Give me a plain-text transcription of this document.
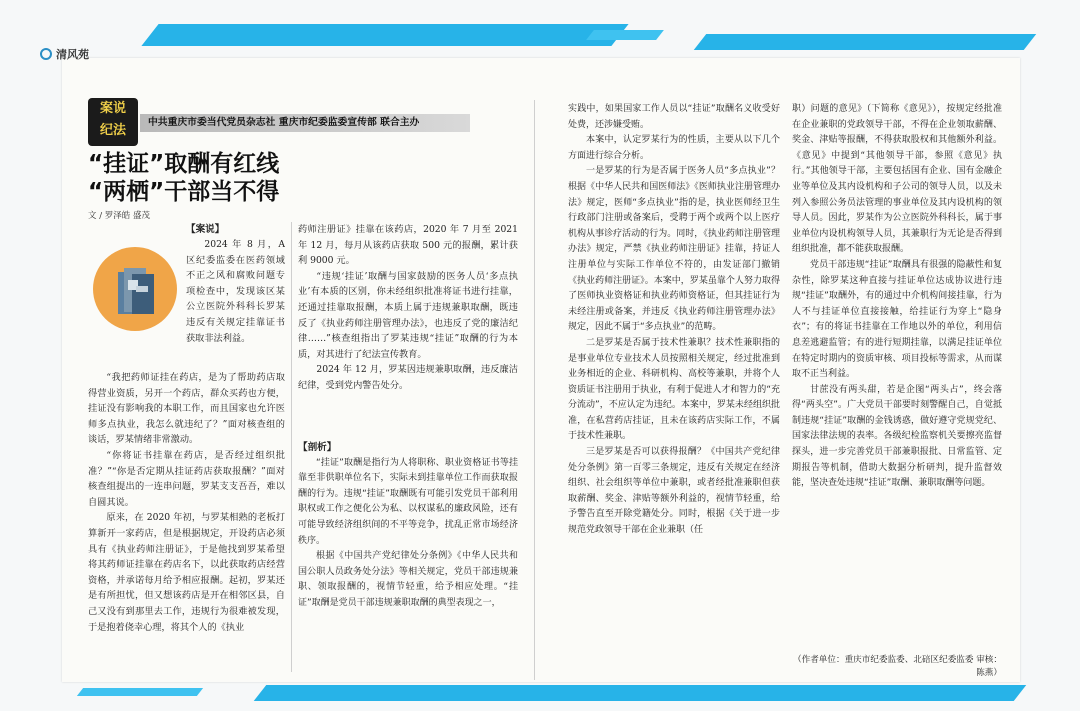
清风苑
案说
纪法
中共重庆市委当代党员杂志社 重庆市纪委监委宣传部 联合主办
“挂证”取酬有红线
“两栖”干部当不得
文 / 罗泽皓 盛茂
【案说】

2024 年 8 月，A 区纪委监委在医药领域不正之风和腐败问题专项检查中，发现该区某公立医院外科科长罗某违反有关规定挂靠证书获取非法利益。

“我把药师证挂在药店，是为了帮助药店取得营业资质，另开一个药店，群众买药也方便，挂证没有影响我的本职工作，而且国家也允许医师多点执业，我怎么就违纪了？”面对核查组的谈话，罗某情绪非常激动。

“你将证书挂靠在药店，是否经过组织批准？”“你是否定期从挂证药店获取报酬？”面对核查组提出的一连串问题，罗某支支吾吾，难以自圆其说。

原来，在 2020 年初，与罗某相熟的老板打算新开一家药店，但是根据规定，开设药店必须具有《执业药师注册证》，于是他找到罗某希望将其药师证挂靠在药店名下，以此获取药店经营资格，并承诺每月给予相应报酬。起初，罗某还是有所担忧，但又想该药店是开在相邻区县，自己又没有到那里去工作，违规行为很难被发现，于是抱着侥幸心理，将其个人的《执业

药师注册证》挂靠在该药店，2020 年 7 月至 2021 年 12 月，每月从该药店获取 500 元的报酬，累计获利 9000 元。

“违规‘挂证’取酬与国家鼓励的医务人员‘多点执业’有本质的区别，你未经组织批准将证书进行挂靠，还通过挂靠取报酬，本质上属于违规兼职取酬，既违反了《执业药师注册管理办法》，也违反了党的廉洁纪律……”核查组指出了罗某违规“挂证”取酬的行为本质，对其进行了纪法宣传教育。

2024 年 12 月，罗某因违规兼职取酬，违反廉洁纪律，受到党内警告处分。

【剖析】

“挂证”取酬是指行为人将职称、职业资格证书等挂靠至非供职单位名下，实际未到挂靠单位工作而获取报酬的行为。违规“挂证”取酬既有可能引发党员干部利用职权或工作之便化公为私、以权谋私的廉政风险，还有可能导致经济组织间的不平等竞争，扰乱正常市场经济秩序。

根据《中国共产党纪律处分条例》《中华人民共和国公职人员政务处分法》等相关规定，党员干部违规兼职、领取报酬的，视情节轻重，给予相应处理。“挂证”取酬是党员干部违规兼职取酬的典型表现之一，

实践中，如果国家工作人员以“挂证”取酬名义收受好处费，还涉嫌受贿。

本案中，认定罗某行为的性质，主要从以下几个方面进行综合分析。

一是罗某的行为是否属于医务人员“多点执业”？根据《中华人民共和国医师法》《医师执业注册管理办法》规定，医师“多点执业”指的是，执业医师经卫生行政部门注册或备案后，受聘于两个或两个以上医疗机构从事诊疗活动的行为。同时，《执业药师注册管理办法》规定，严禁《执业药师注册证》挂靠，持证人注册单位与实际工作单位不符的，由发证部门撤销《执业药师注册证》。本案中，罗某虽靠个人努力取得了医师执业资格证和执业药师资格证，但其挂证行为未经注册或备案，并违反《执业药师注册管理办法》规定，因此不属于“多点执业”的范畴。

二是罗某是否属于技术性兼职？技术性兼职指的是事业单位专业技术人员按照相关规定，经过批准到业务相近的企业、科研机构、高校等兼职，并将个人资质证书注册用于执业，有利于促进人才和智力的“充分流动”，不应认定为违纪。本案中，罗某未经组织批准，在私营药店挂证，且未在该药店实际工作，不属于技术性兼职。

三是罗某是否可以获得报酬？《中国共产党纪律处分条例》第一百零三条规定，违反有关规定在经济组织、社会组织等单位中兼职，或者经批准兼职但获取薪酬、奖金、津贴等额外利益的，视情节轻重，给予警告直至开除党籍处分。同时，根据《关于进一步规范党政领导干部在企业兼职（任

职）问题的意见》（下简称《意见》），按规定经批准在企业兼职的党政领导干部，不得在企业领取薪酬、奖金、津贴等报酬，不得获取股权和其他额外利益。《意见》中提到“其他领导干部，参照《意见》执行。”其他领导干部，主要包括国有企业、国有金融企业等单位及其内设机构和子公司的领导人员，以及未列入参照公务员法管理的事业单位及其内设机构的领导人员。因此，罗某作为公立医院外科科长，属于事业单位内设机构领导人员，其兼职行为无论是否得到组织批准，都不能获取报酬。

党员干部违规“挂证”取酬具有很强的隐蔽性和复杂性，除罗某这种直接与挂证单位达成协议进行违规“挂证”取酬外，有的通过中介机构间接挂靠，行为人不与挂证单位直接接触，给挂证行为穿上“隐身衣”；有的将证书挂靠在工作地以外的单位，利用信息差逃避监管；有的进行短期挂靠，以满足挂证单位在特定时期内的资质审核、项目投标等需求，从而谋取不正当利益。

甘蔗没有两头甜，若是企图“两头占”，终会落得“两头空”。广大党员干部要时刻警醒自己，自觉抵制违规“挂证”取酬的金钱诱惑，做好遵守党规党纪、国家法律法规的表率。各级纪检监察机关要擦亮监督探头，进一步完善党员干部兼职报批、日常监管、定期报告等机制，借助大数据分析研判，提升监督效能，坚决查处违规“挂证”取酬、兼职取酬等问题。

（作者单位：重庆市纪委监委、北碚区纪委监委 审核：陈燕）
